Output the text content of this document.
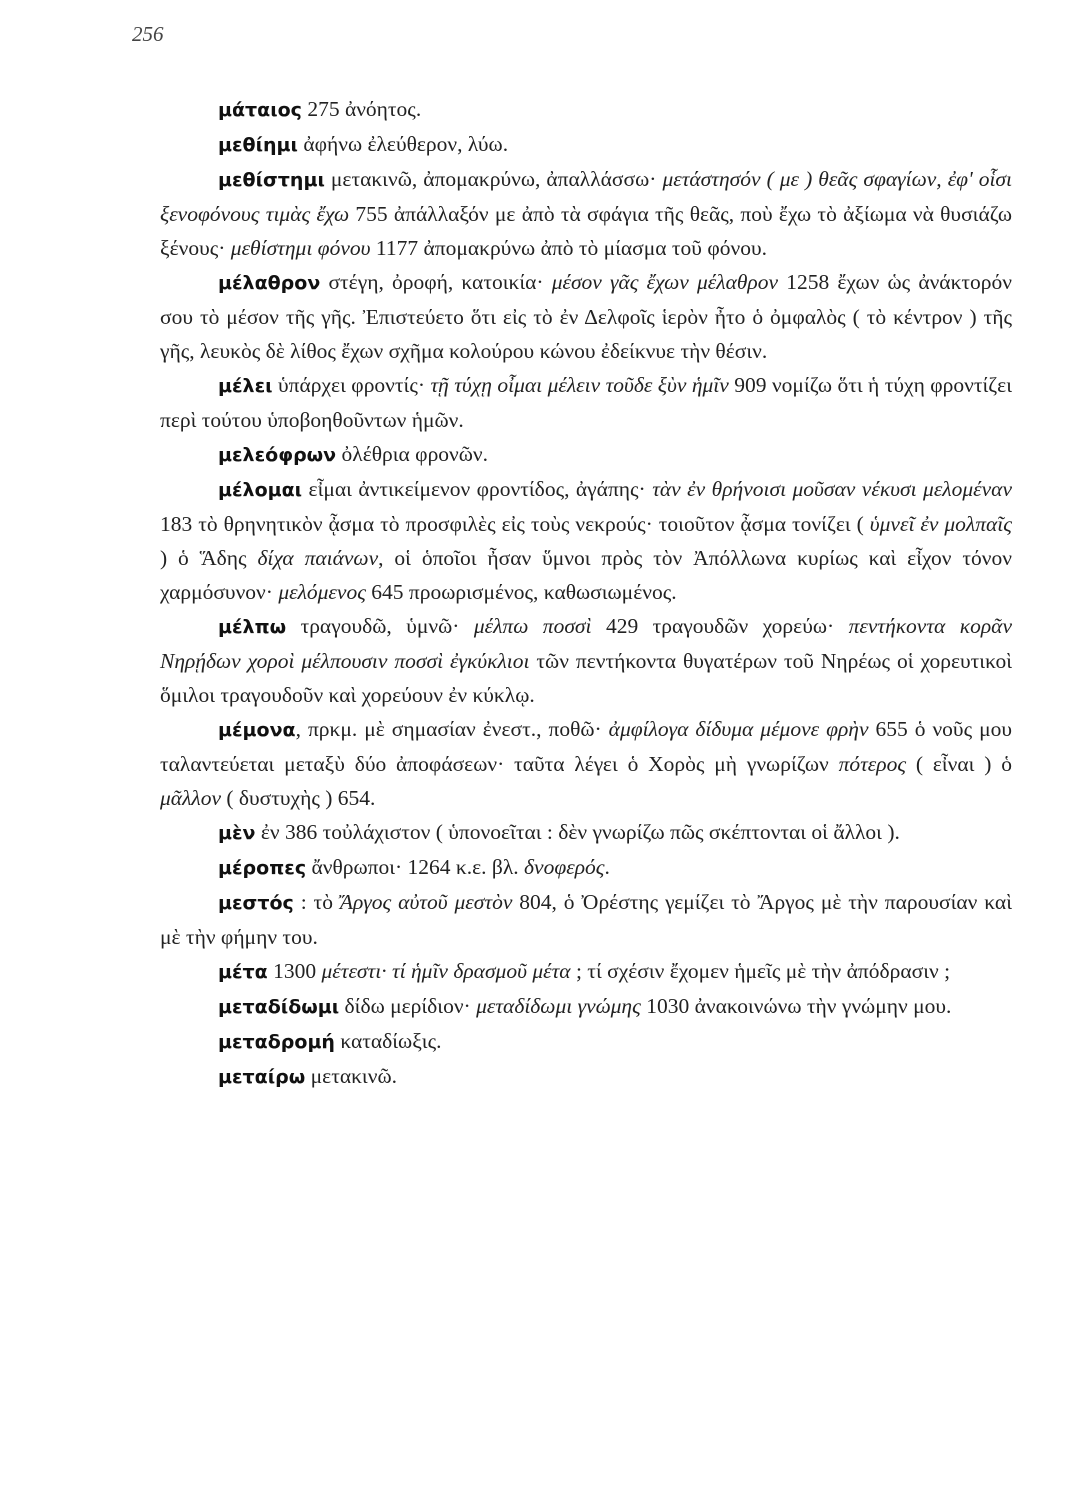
256

μάταιος 275 ἀνόητος.

μεθίημι ἀφήνω ἐλεύθερον, λύω.

μεθίστημι μετακινῶ, ἀπομακρύνω, ἀπαλλάσσω· μετάστησόν ( με ) θεᾶς σφαγίων, ἐφ' οἷσι ξενοφόνους τιμὰς ἔχω 755 ἀπάλλαξόν με ἀπὸ τὰ σφάγια τῆς θεᾶς, ποὺ ἔχω τὸ ἀξίωμα νὰ θυσιάζω ξένους· μεθίστημι φόνου 1177 ἀπομακρύνω ἀπὸ τὸ μίασμα τοῦ φόνου.

μέλαθρον στέγη, ὀροφή, κατοικία· μέσον γᾶς ἔχων μέλαθρον 1258 ἔχων ὡς ἀνάκτορόν σου τὸ μέσον τῆς γῆς. Ἐπιστεύετο ὅτι εἰς τὸ ἐν Δελφοῖς ἱερὸν ἦτο ὁ ὀμφαλὸς ( τὸ κέντρον ) τῆς γῆς, λευκὸς δὲ λίθος ἔχων σχῆμα κολούρου κώνου ἐδείκνυε τὴν θέσιν.

μέλει ὑπάρχει φροντίς· τῇ τύχῃ οἶμαι μέλειν τοῦδε ξὺν ἡμῖν 909 νομίζω ὅτι ἡ τύχη φροντίζει περὶ τούτου ὑποβοηθοῦντων ἡμῶν.

μελεόφρων ὀλέθρια φρονῶν.

μέλομαι εἶμαι ἀντικείμενον φροντίδος, ἀγάπης· τὰν ἐν θρήνοισι μοῦσαν νέκυσι μελομέναν 183 τὸ θρηνητικὸν ᾆσμα τὸ προσφιλὲς εἰς τοὺς νεκρούς· τοιοῦτον ᾆσμα τονίζει ( ὑμνεῖ ἐν μολπαῖς ) ὁ Ἅδης δίχα παιάνων, οἱ ὁποῖοι ἦσαν ὕμνοι πρὸς τὸν Ἀπόλλωνα κυρίως καὶ εἶχον τόνον χαρμόσυνον· μελόμενος 645 προωρισμένος, καθωσιωμένος.

μέλπω τραγουδῶ, ὑμνῶ· μέλπω ποσσὶ 429 τραγουδῶν χορεύω· πεντήκοντα κορᾶν Νηρῄδων χοροὶ μέλπουσιν ποσσὶ ἐγκύκλιοι τῶν πεντήκοντα θυγατέρων τοῦ Νηρέως οἱ χορευτικοὶ ὅμιλοι τραγουδοῦν καὶ χορεύουν ἐν κύκλῳ.

μέμονα, πρκμ. μὲ σημασίαν ἐνεστ., ποθῶ· ἀμφίλογα δίδυμα μέμονε φρὴν 655 ὁ νοῦς μου ταλαντεύεται μεταξὺ δύο ἀποφάσεων· ταῦτα λέγει ὁ Χορὸς μὴ γνωρίζων πότερος ( εἶναι ) ὁ μᾶλλον ( δυστυχὴς ) 654.

μὲν ἐν 386 τοὐλάχιστον ( ὑπονοεῖται : δὲν γνωρίζω πῶς σκέπτονται οἱ ἄλλοι ).

μέροπες ἄνθρωποι· 1264 κ.ε. βλ. δνοφερός.

μεστός : τὸ Ἄργος αὐτοῦ μεστὸν 804, ὁ Ὀρέστης γεμίζει τὸ Ἄργος μὲ τὴν παρουσίαν καὶ μὲ τὴν φήμην του.

μέτα 1300 μέτεστι· τί ἡμῖν δρασμοῦ μέτα ; τί σχέσιν ἔχομεν ἡμεῖς μὲ τὴν ἀπόδρασιν ;

μεταδίδωμι δίδω μερίδιον· μεταδίδωμι γνώμης 1030 ἀνακοινώνω τὴν γνώμην μου.

μεταδρομή καταδίωξις.

μεταίρω μετακινῶ.
